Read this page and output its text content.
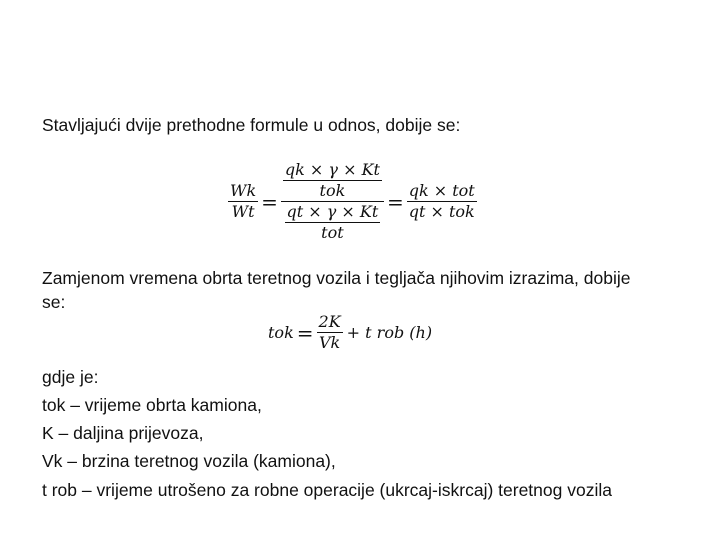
Stavljajući dvije prethodne formule u odnos, dobije se:
$\frac{Wk}{Wt} = \frac{\frac{qk \times \gamma \times Kt}{\text{tok}}}{\frac{qt \times \gamma \times Kt}{\text{tot}}} = \frac{\text{qk × tot}}{\text{qt × tok}}$
Zamjenom vremena obrta teretnog vozila i tegljača njihovim izrazima, dobije
se:
tok = $\frac{2K}{Vk} + t$ rob (h)
gdje je:
tok – vrijeme obrta kamiona,
K – daljina prijevoza,
Vk – brzina teretnog vozila (kamiona),
t rob – vrijeme utrošeno za robne operacije (ukrcaj-iskrcaj) teretnog vozila
